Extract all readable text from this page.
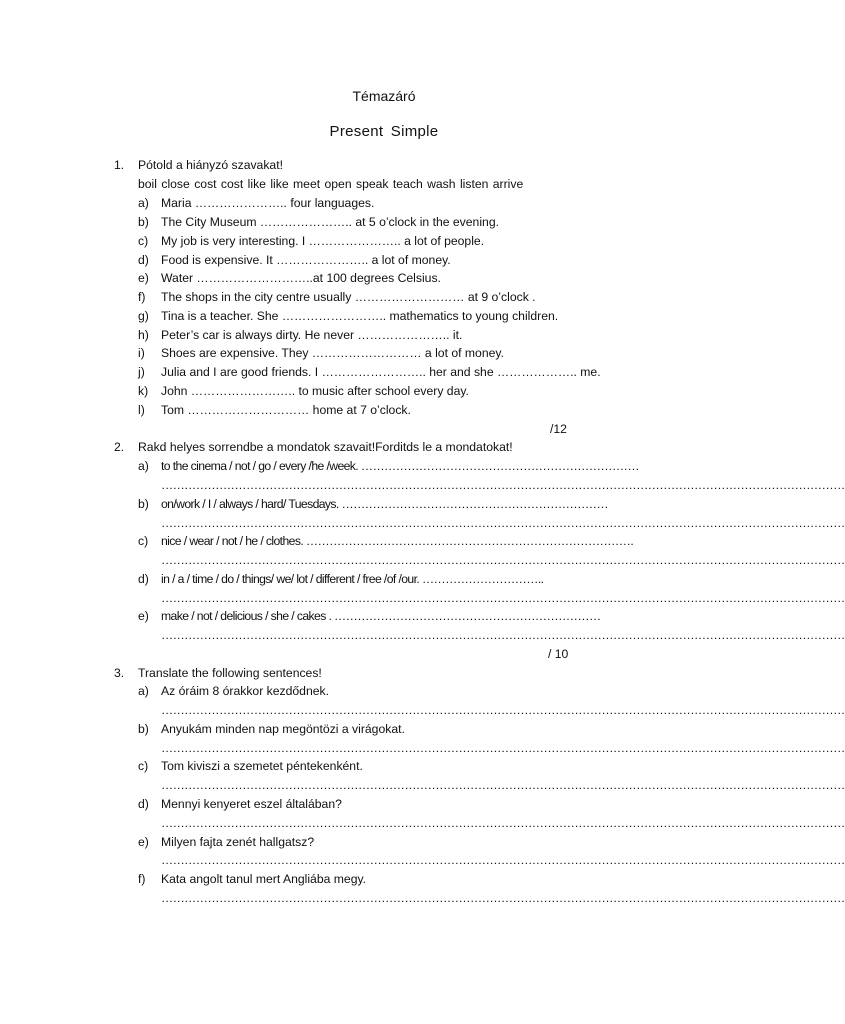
Témazáró
Present Simple
1. Pótold a hiányzó szavakat!
boil close cost cost like like meet open speak teach wash listen arrive
a) Maria ………………….. four languages.
b) The City Museum ………………….. at 5 o’clock in the evening.
c) My job is very interesting. I ………………….. a lot of people.
d) Food is expensive. It ………………….. a lot of money.
e) Water ………………………..at 100 degrees Celsius.
f) The shops in the city centre usually ……………………… at 9 o’clock .
g) Tina is a teacher. She …………………….. mathematics to young children.
h) Peter’s car is always dirty. He never ………………….. it.
i) Shoes are expensive. They ……………………… a lot of money.
j) Julia and I are good friends. I …………………….. her and she ……………….. me.
k) John …………………….. to music after school every day.
l) Tom ………………………… home at 7 o’clock.
/12
2. Rakd helyes sorrendbe a mondatok szavait!Forditds le a mondatokat!
a) to the cinema / not / go / every /he /week. ………………………………………………………………
……………………………………………………………………………………………………………………………………………………………
b) on/work / I / always / hard/ Tuesdays. ……………………………………………………………
……………………………………………………………………………………………………………………………………………………………
c) nice / wear / not / he / clothes. ………………………………………………………………………….
……………………………………………………………………………………………………………………………………………………………
d) in / a / time / do / things/ we/ lot / different / free /of /our. …………………………..
……………………………………………………………………………………………………………………………………………………………
e) make / not / delicious / she / cakes . ……………………………………………………………
……………………………………………………………………………………………………………………………………………………………
/ 10
3. Translate the following sentences!
a) Az óráim 8 órakkor kezdődnek.
……………………………………………………………………………………………………………………………………………………………
b) Anyukám minden nap megöntözi a virágokat.
……………………………………………………………………………………………………………………………………………………………
c) Tom kiviszi a szemetet péntekenként.
……………………………………………………………………………………………………………………………………………………………
d) Mennyi kenyeret eszel általában?
……………………………………………………………………………………………………………………………………………………………
e) Milyen fajta zenét hallgatsz?
……………………………………………………………………………………………………………………………………………………………
f) Kata angolt tanul mert Angliába megy.
……………………………………………………………………………………………………………………………………………………………
